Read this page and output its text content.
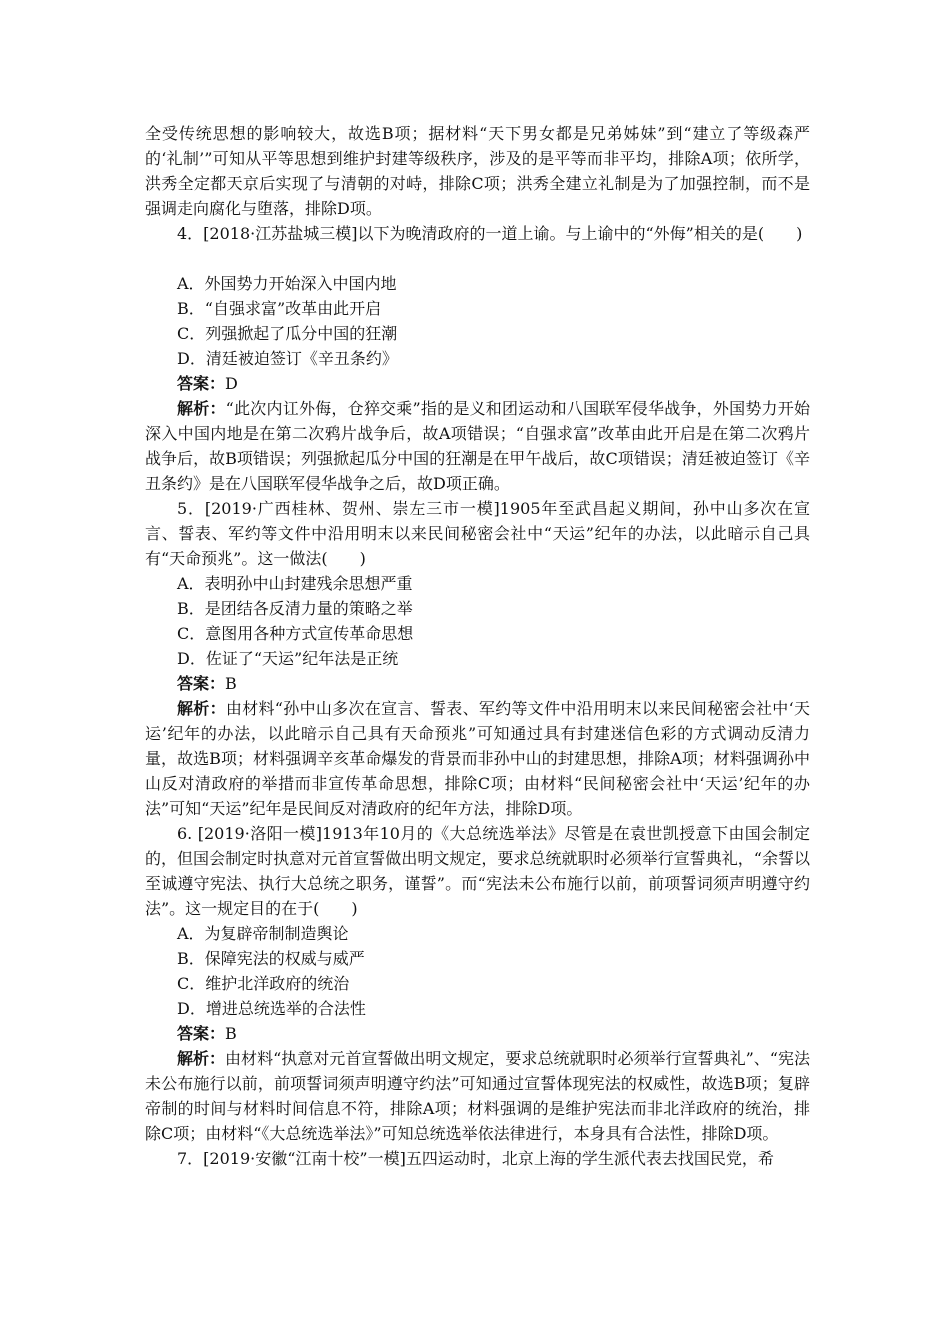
全受传统思想的影响较大，故选B项；据材料“天下男女都是兄弟姊妹”到“建立了等级森严的‘礼制’”可知从平等思想到维护封建等级秩序，涉及的是平等而非平均，排除A项；依所学，洪秀全定都天京后实现了与清朝的对峙，排除C项；洪秀全建立礼制是为了加强控制，而不是强调走向腐化与堕落，排除D项。

4．[2018·江苏盐城三模]以下为晚清政府的一道上谕。与上谕中的“外侮”相关的是(　　)

A．外国势力开始深入中国内地

B．“自强求富”改革由此开启

C．列强掀起了瓜分中国的狂潮

D．清廷被迫签订《辛丑条约》

答案：D

解析：“此次内讧外侮，仓猝交乘”指的是义和团运动和八国联军侵华战争，外国势力开始深入中国内地是在第二次鸦片战争后，故A项错误；“自强求富”改革由此开启是在第二次鸦片战争后，故B项错误；列强掀起瓜分中国的狂潮是在甲午战后，故C项错误；清廷被迫签订《辛丑条约》是在八国联军侵华战争之后，故D项正确。

5．[2019·广西桂林、贺州、崇左三市一模]1905年至武昌起义期间，孙中山多次在宣言、誓表、军约等文件中沿用明末以来民间秘密会社中“天运”纪年的办法，以此暗示自己具有“天命预兆”。这一做法(　　)

A．表明孙中山封建残余思想严重

B．是团结各反清力量的策略之举

C．意图用各种方式宣传革命思想

D．佐证了“天运”纪年法是正统

答案：B

解析：由材料“孙中山多次在宣言、誓表、军约等文件中沿用明末以来民间秘密会社中‘天运’纪年的办法，以此暗示自己具有天命预兆”可知通过具有封建迷信色彩的方式调动反清力量，故选B项；材料强调辛亥革命爆发的背景而非孙中山的封建思想，排除A项；材料强调孙中山反对清政府的举措而非宣传革命思想，排除C项；由材料“民间秘密会社中‘天运’纪年的办法”可知“天运”纪年是民间反对清政府的纪年方法，排除D项。

6. [2019·洛阳一模]1913年10月的《大总统选举法》尽管是在袁世凯授意下由国会制定的，但国会制定时执意对元首宣誓做出明文规定，要求总统就职时必须举行宣誓典礼，“余誓以至诚遵守宪法、执行大总统之职务，谨誓”。而“宪法未公布施行以前，前项誓词须声明遵守约法”。这一规定目的在于(　　)

A．为复辟帝制制造舆论

B．保障宪法的权威与威严

C．维护北洋政府的统治

D．增进总统选举的合法性

答案：B

解析：由材料“执意对元首宣誓做出明文规定，要求总统就职时必须举行宣誓典礼”、“宪法未公布施行以前，前项誓词须声明遵守约法”可知通过宣誓体现宪法的权威性，故选B项；复辟帝制的时间与材料时间信息不符，排除A项；材料强调的是维护宪法而非北洋政府的统治，排除C项；由材料“《大总统选举法》”可知总统选举依法律进行，本身具有合法性，排除D项。

7．[2019·安徽“江南十校”一模]五四运动时，北京上海的学生派代表去找国民党，希
